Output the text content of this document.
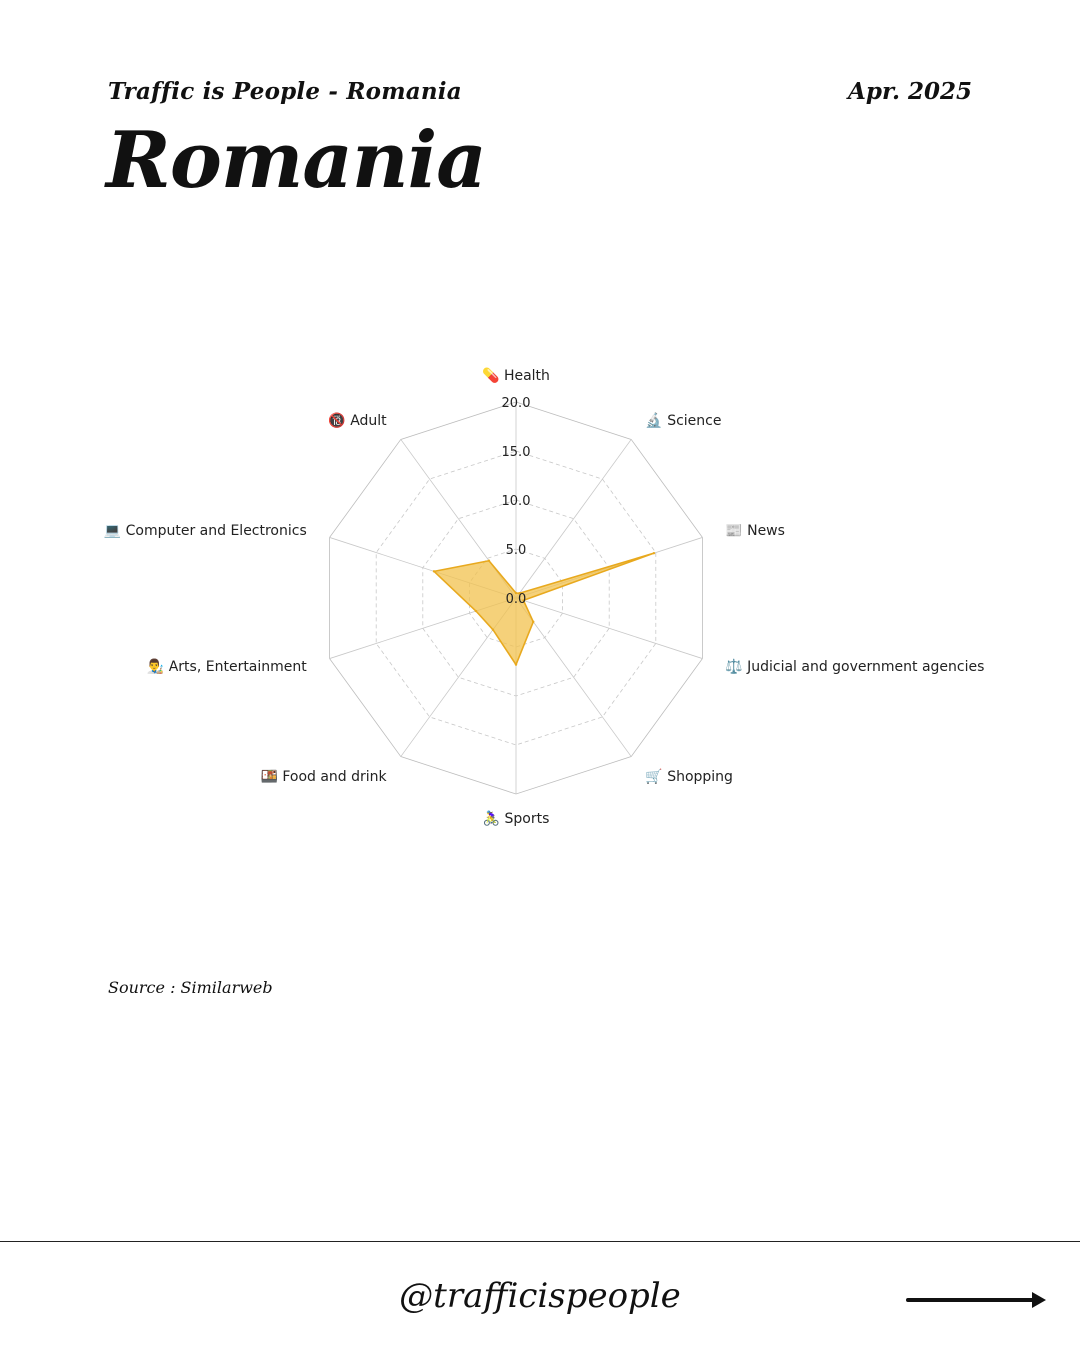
Traffic is People - Romania	Apr. 2025
Romania
0.0
5.0
10.0
15.0
20.0
💊 Health
🔬 Science
📰 News
⚖️ Judicial and government agencies
🛒 Shopping
🚴‍♀️ Sports
🍱 Food and drink
👨‍🎨 Arts, Entertainment
💻 Computer and Electronics
🔞 Adult
Source : Similarweb
@trafficispeople
